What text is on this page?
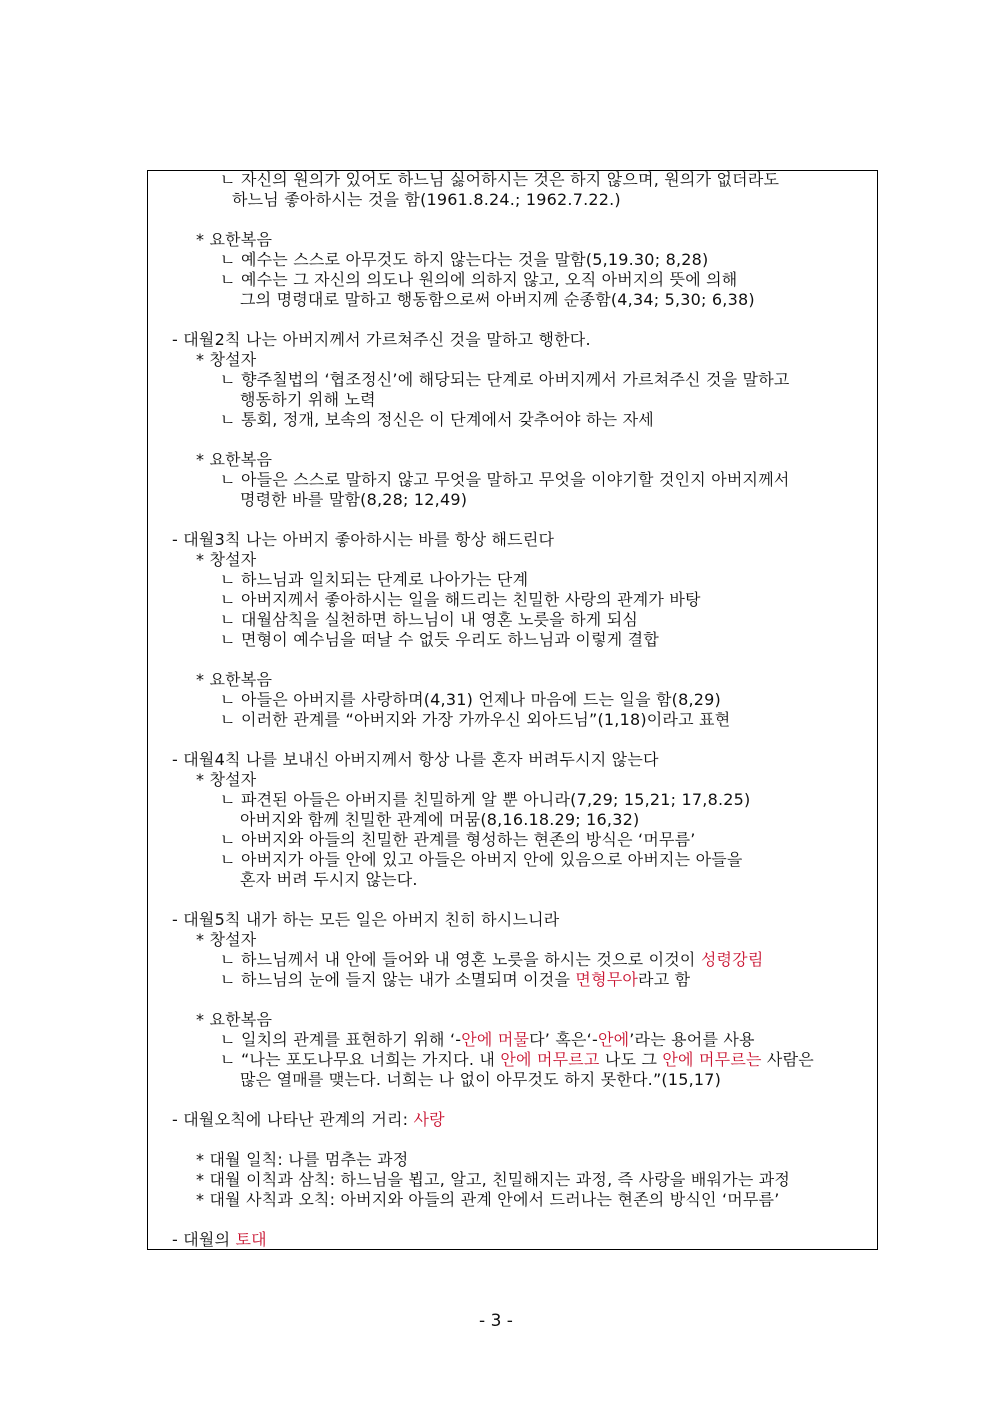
ㄴ 자신의 원의가 있어도 하느님 싫어하시는 것은 하지 않으며, 원의가 없더라도
하느님 좋아하시는 것을 함(1961.8.24.; 1962.7.22.)
* 요한복음
ㄴ 예수는 스스로 아무것도 하지 않는다는 것을 말함(5,19.30; 8,28)
ㄴ 예수는 그 자신의 의도나 원의에 의하지 않고, 오직 아버지의 뜻에 의해
그의 명령대로 말하고 행동함으로써 아버지께 순종함(4,34; 5,30; 6,38)
- 대월2칙 나는 아버지께서 가르쳐주신 것을 말하고 행한다.
* 창설자
ㄴ 향주칠법의 ‘협조정신’에 해당되는 단계로 아버지께서 가르쳐주신 것을 말하고
행동하기 위해 노력
ㄴ 통회, 정개, 보속의 정신은 이 단계에서 갖추어야 하는 자세
* 요한복음
ㄴ 아들은 스스로 말하지 않고 무엇을 말하고 무엇을 이야기할 것인지 아버지께서
명령한 바를 말함(8,28; 12,49)
- 대월3칙 나는 아버지 좋아하시는 바를 항상 해드린다
* 창설자
ㄴ 하느님과 일치되는 단계로 나아가는 단계
ㄴ 아버지께서 좋아하시는 일을 해드리는 친밀한 사랑의 관계가 바탕
ㄴ 대월삼칙을 실천하면 하느님이 내 영혼 노릇을 하게 되심
ㄴ 면형이 예수님을 떠날 수 없듯 우리도 하느님과 이렇게 결합
* 요한복음
ㄴ 아들은 아버지를 사랑하며(4,31) 언제나 마음에 드는 일을 함(8,29)
ㄴ 이러한 관계를 “아버지와 가장 가까우신 외아드님”(1,18)이라고 표현
- 대월4칙 나를 보내신 아버지께서 항상 나를 혼자 버려두시지 않는다
* 창설자
ㄴ 파견된 아들은 아버지를 친밀하게 알 뿐 아니라(7,29; 15,21; 17,8.25)
아버지와 함께 친밀한 관계에 머뭄(8,16.18.29; 16,32)
ㄴ 아버지와 아들의 친밀한 관계를 형성하는 현존의 방식은 ‘머무름’
ㄴ 아버지가 아들 안에 있고 아들은 아버지 안에 있음으로 아버지는 아들을
혼자 버려 두시지 않는다.
- 대월5칙 내가 하는 모든 일은 아버지 친히 하시느니라
* 창설자
ㄴ 하느님께서 내 안에 들어와 내 영혼 노릇을 하시는 것으로 이것이 성령강림
ㄴ 하느님의 눈에 들지 않는 내가 소멸되며 이것을 면형무아라고 함
* 요한복음
ㄴ 일치의 관계를 표현하기 위해 ‘-안에 머물다’ 혹은‘-안에’라는 용어를 사용
ㄴ “나는 포도나무요 너희는 가지다. 내 안에 머무르고 나도 그 안에 머무르는 사람은
많은 열매를 맺는다. 너희는 나 없이 아무것도 하지 못한다.”(15,17)
- 대월오칙에 나타난 관계의 거리: 사랑
* 대월 일칙: 나를 멈추는 과정
* 대월 이칙과 삼칙: 하느님을 뵙고, 알고, 친밀해지는 과정, 즉 사랑을 배워가는 과정
* 대월 사칙과 오칙: 아버지와 아들의 관계 안에서 드러나는 현존의 방식인 ‘머무름’
- 대월의 토대
- 3 -
